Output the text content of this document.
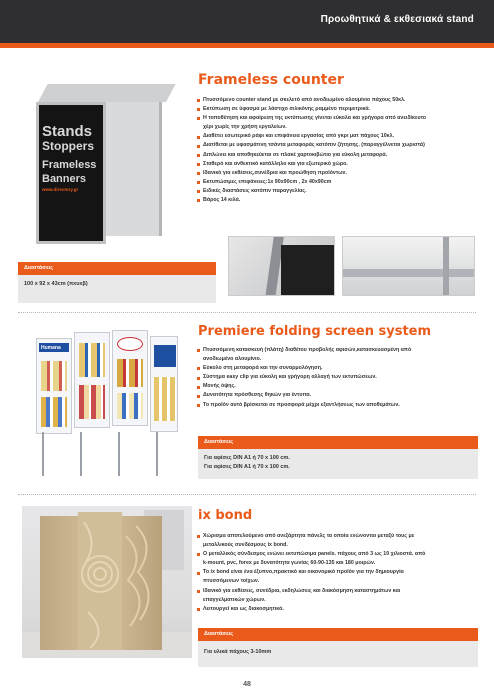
Προωθητικά & εκθεσιακά stand
Stands
Stoppers
Frameless
Banners
www.directory.gr
Frameless counter
Πτυσσόμενο counter stand με σκελετό από ανοδιωμένο αλουμίνιο πάχους 50κλ.
Εκτύπωση σε ύφασμα με λάστιχο σιλικόνης ραμμένο περιμετρικά.
Η τοποθέτηση και αφαίρεση της εκτύπωσης γίνεται εύκολα και γρήγορα από ανειδίκευτο
χέρι χωρίς την χρήση εργαλείων.
Διαθέτει εσωτερικό ράφι και επιφάνεια εργασίας από γκρι ματ πάχους 10κλ.
Διατίθεται με υφασμάτινη τσάντα μεταφοράς κατόπιν ζήτησης. (παραγγέλνεται χωριστά)
Διπλώνει και αποθηκεύεται σε πλακέ χαρτοκιβώτιο για εύκολη μεταφορά.
Σταθερό και ανθεκτικό κατάλληλο και για εξωτερικό χώρο.
Ιδανικό για εκθέσεις,συνέδρια και προώθηση προϊόντων.
Εκτυπώσιμες επιφάνειες:1x 90x90cm , 2x 40x90cm
Ειδικές διαστάσεις κατόπιν παραγγελίας.
Βάρος 14 κιλά.
Διαστάσεις
100 x 92 x 43cm (πxυxβ)
Humana
Premiere folding screen system
Πτυσσόμενη κατασκευή (πλάτη) διαθέτου προβολής αφισών,κατασκευασμένη από
ανοδιωμένο αλουμίνιο.
Εύκολο στη μεταφορά και την συναρμολόγηση.
Σύστημα easy clip για εύκολη και γρήγορη αλλαγή των εκτυπώσεων.
Μονής όψης.
Δυνατότητα πρόσθεσης θηκών για έντυπα.
Το προϊόν αυτό βρίσκεται σε προσφορά μέχρι εξαντλήσεως των αποθεμάτων.
Διαστάσεις
Για αφίσες DIN A1 ή 70 x 100 cm.
Για αφίσες DIN A1 ή 70 x 100 cm.
ix bond
Χώρισμα αποτελούμενο από ανεξάρτητα πάνελς τα οποία ενώνονται μεταξύ τους με
μεταλλικούς συνδέσμους ix bond.
Ο μεταλλικός σύνδεσμος ενώνει εκτυπώσιμα panels. πάχους από 3 ως 10 χιλιοστά. από
k-mount, pvc, forex με δυνατότητα γωνίας 60-90-135 και 180 μοιρών.
Το ix bond είναι ένα έξυπνο,πρακτικό και οικονομικό προϊόν για την δημιουργία
πτυσσόμενων τοίχων.
Ιδανικό για εκθέσεις, συνέδρια, εκδηλώσεις και διακόσμηση καταστημάτων και
επαγγελματικών χώρων.
Λειτουργεί και ως διακοσμητικό.
Διαστάσεις
Για υλικά πάχους 3-10mm
48
